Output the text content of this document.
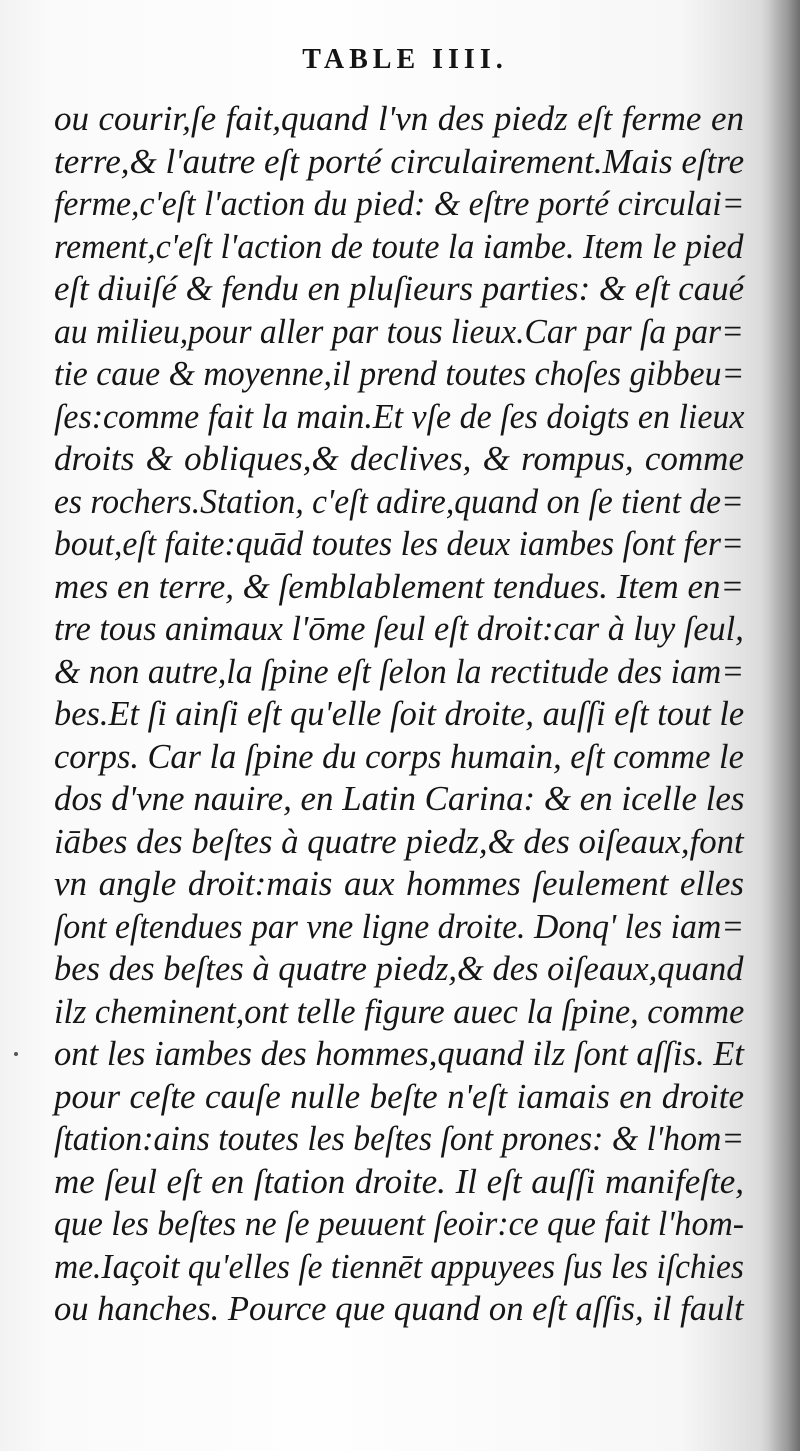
TABLE IIII.
ou courir,ſe fait,quand l'vn des piedz eſt ferme en
terre,& l'autre eſt porté circulairement.Mais eſtre
ferme,c'eſt l'action du pied: & eſtre porté circulai=
rement,c'eſt l'action de toute la iambe. Item le pied
eſt diuiſé & fendu en pluſieurs parties: & eſt caué
au milieu,pour aller par tous lieux.Car par ſa par=
tie caue & moyenne,il prend toutes choſes gibbeu=
ſes:comme fait la main.Et vſe de ſes doigts en lieux
droits & obliques,& declives, & rompus, comme
es rochers.Station, c'eſt adire,quand on ſe tient de=
bout,eſt faite:quād toutes les deux iambes ſont fer=
mes en terre, & ſemblablement tendues. Item en=
tre tous animaux l'ōme ſeul eſt droit:car à luy ſeul,
& non autre,la ſpine eſt ſelon la rectitude des iam=
bes.Et ſi ainſi eſt qu'elle ſoit droite, auſſi eſt tout le
corps. Car la ſpine du corps humain, eſt comme le
dos d'vne nauire, en Latin Carina: & en icelle les
iābes des beſtes à quatre piedz,& des oiſeaux,font
vn angle droit:mais aux hommes ſeulement elles
ſont eſtendues par vne ligne droite. Donq' les iam=
bes des beſtes à quatre piedz,& des oiſeaux,quand
ilz cheminent,ont telle figure auec la ſpine, comme
ont les iambes des hommes,quand ilz ſont aſſis. Et
pour ceſte cauſe nulle beſte n'eſt iamais en droite
ſtation:ains toutes les beſtes ſont prones: & l'hom=
me ſeul eſt en ſtation droite. Il eſt auſſi manifeſte,
que les beſtes ne ſe peuuent ſeoir:ce que fait l'hom-
me.Iaçoit qu'elles ſe tiennēt appuyees ſus les iſchies
ou hanches. Pource que quand on eſt aſſis, il fault
